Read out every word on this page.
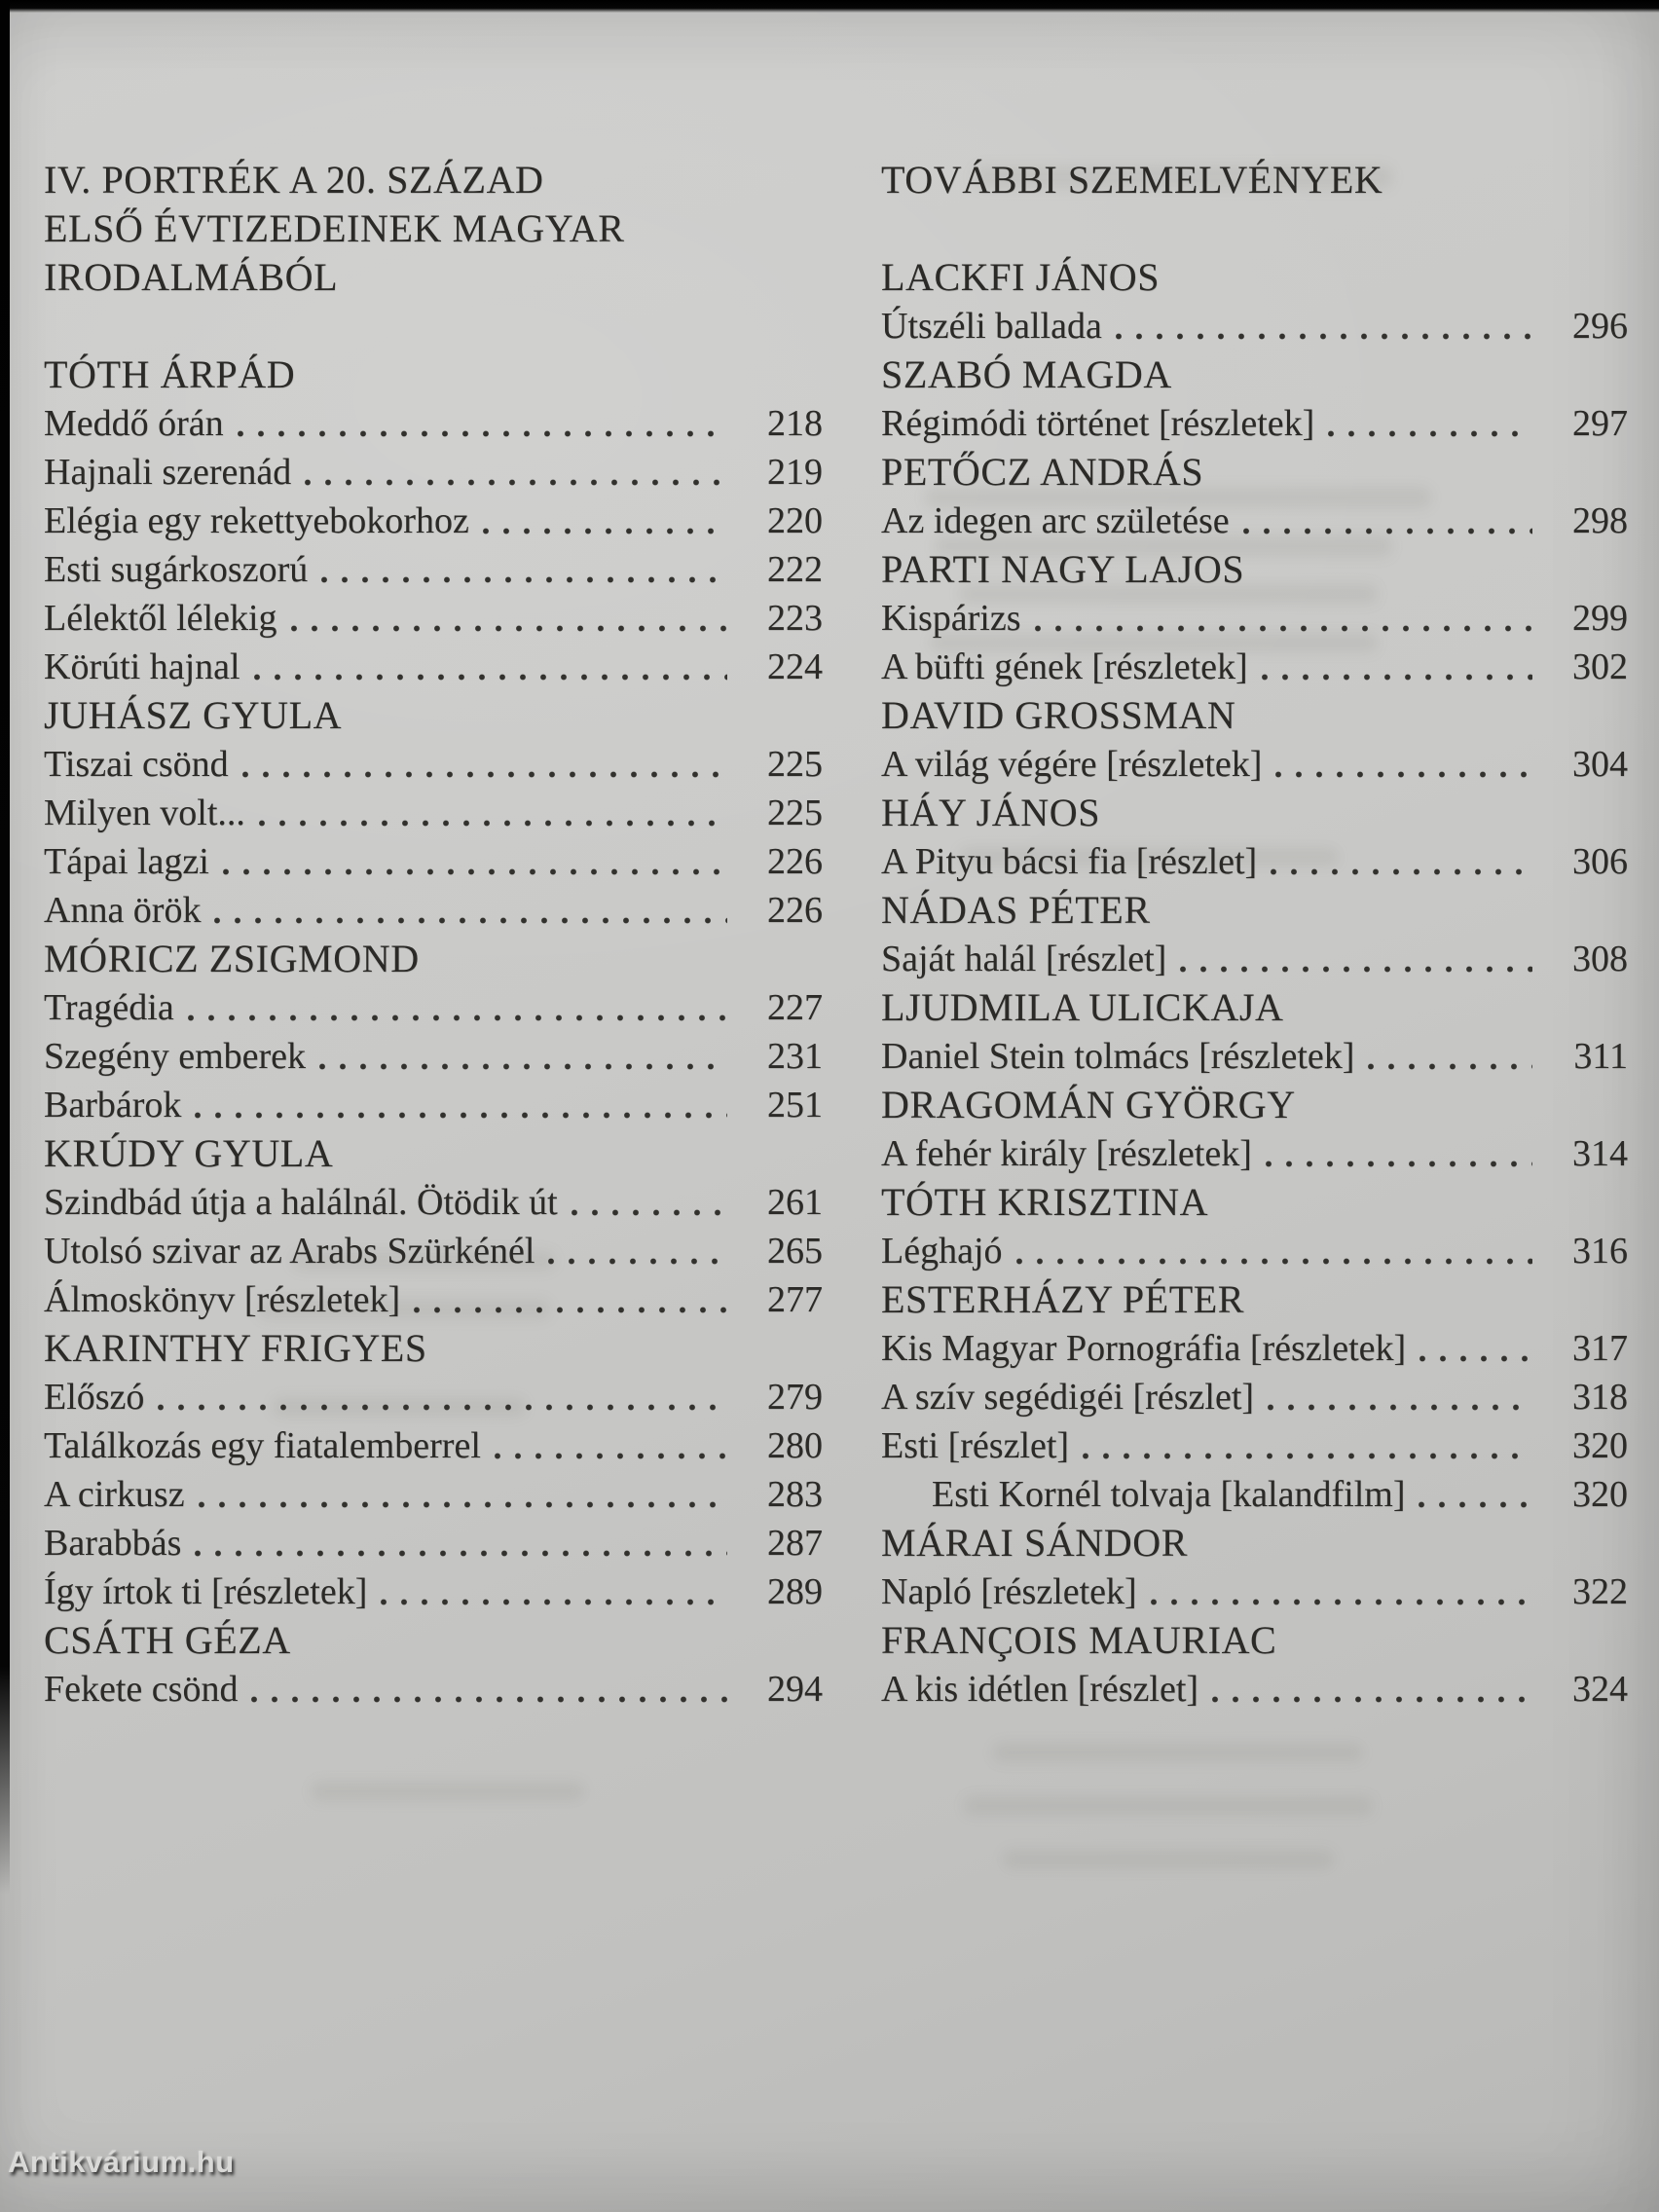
IV. PORTRÉK A 20. SZÁZAD
ELSŐ ÉVTIZEDEINEK MAGYAR
IRODALMÁBÓL
TÓTH ÁRPÁD
Meddő órán	218
Hajnali szerenád	219
Elégia egy rekettyebokorhoz	220
Esti sugárkoszorú	222
Lélektől lélekig	223
Körúti hajnal	224
JUHÁSZ GYULA
Tiszai csönd	225
Milyen volt...	225
Tápai lagzi	226
Anna örök	226
MÓRICZ ZSIGMOND
Tragédia	227
Szegény emberek	231
Barbárok	251
KRÚDY GYULA
Szindbád útja a halálnál. Ötödik út	261
Utolsó szivar az Arabs Szürkénél	265
Álmoskönyv [részletek]	277
KARINTHY FRIGYES
Előszó	279
Találkozás egy fiatalemberrel	280
A cirkusz	283
Barabbás	287
Így írtok ti [részletek]	289
CSÁTH GÉZA
Fekete csönd	294
TOVÁBBI SZEMELVÉNYEK
LACKFI JÁNOS
Útszéli ballada	296
SZABÓ MAGDA
Régimódi történet [részletek]	297
PETŐCZ ANDRÁS
Az idegen arc születése	298
PARTI NAGY LAJOS
Kispárizs	299
A büfti gének [részletek]	302
DAVID GROSSMAN
A világ végére [részletek]	304
HÁY JÁNOS
A Pityu bácsi fia [részlet]	306
NÁDAS PÉTER
Saját halál [részlet]	308
LJUDMILA ULICKAJA
Daniel Stein tolmács [részletek]	311
DRAGOMÁN GYÖRGY
A fehér király [részletek]	314
TÓTH KRISZTINA
Léghajó	316
ESTERHÁZY PÉTER
Kis Magyar Pornográfia [részletek]	317
A szív segédigéi [részlet]	318
Esti [részlet]	320
Esti Kornél tolvaja [kalandfilm]	320
MÁRAI SÁNDOR
Napló [részletek]	322
FRANÇOIS MAURIAC
A kis idétlen [részlet]	324
Antikvárium.hu
